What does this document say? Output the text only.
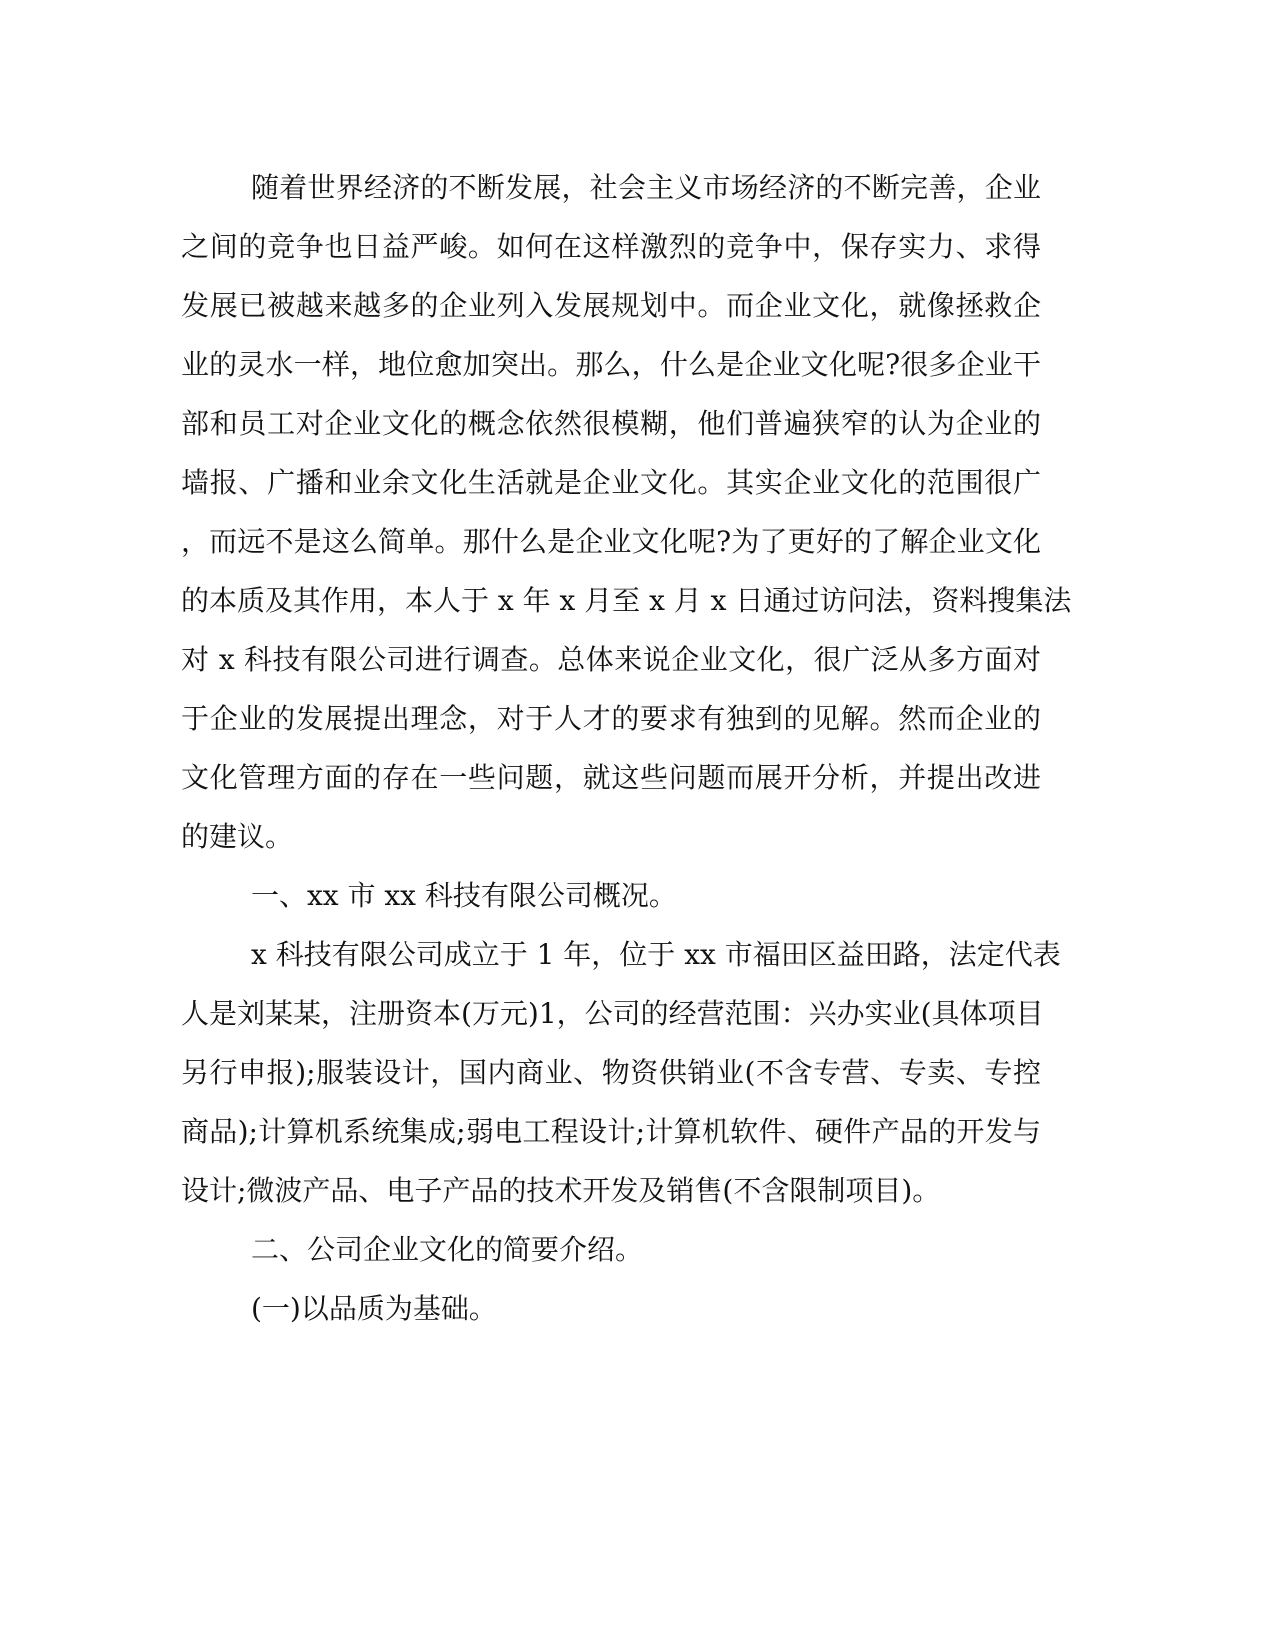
随着世界经济的不断发展，社会主义市场经济的不断完善，企业
之间的竞争也日益严峻。如何在这样激烈的竞争中，保存实力、求得
发展已被越来越多的企业列入发展规划中。而企业文化，就像拯救企
业的灵水一样，地位愈加突出。那么，什么是企业文化呢?很多企业干
部和员工对企业文化的概念依然很模糊，他们普遍狭窄的认为企业的
墙报、广播和业余文化生活就是企业文化。其实企业文化的范围很广
，而远不是这么简单。那什么是企业文化呢?为了更好的了解企业文化
的本质及其作用，本人于 x 年 x 月至 x 月 x 日通过访问法，资料搜集法
对 x 科技有限公司进行调查。总体来说企业文化，很广泛从多方面对
于企业的发展提出理念，对于人才的要求有独到的见解。然而企业的
文化管理方面的存在一些问题，就这些问题而展开分析，并提出改进
的建议。
一、xx 市 xx 科技有限公司概况。
x 科技有限公司成立于 1 年，位于 xx 市福田区益田路，法定代表
人是刘某某，注册资本(万元)1，公司的经营范围：兴办实业(具体项目
另行申报);服装设计，国内商业、物资供销业(不含专营、专卖、专控
商品);计算机系统集成;弱电工程设计;计算机软件、硬件产品的开发与
设计;微波产品、电子产品的技术开发及销售(不含限制项目)。
二、公司企业文化的简要介绍。
(一)以品质为基础。
